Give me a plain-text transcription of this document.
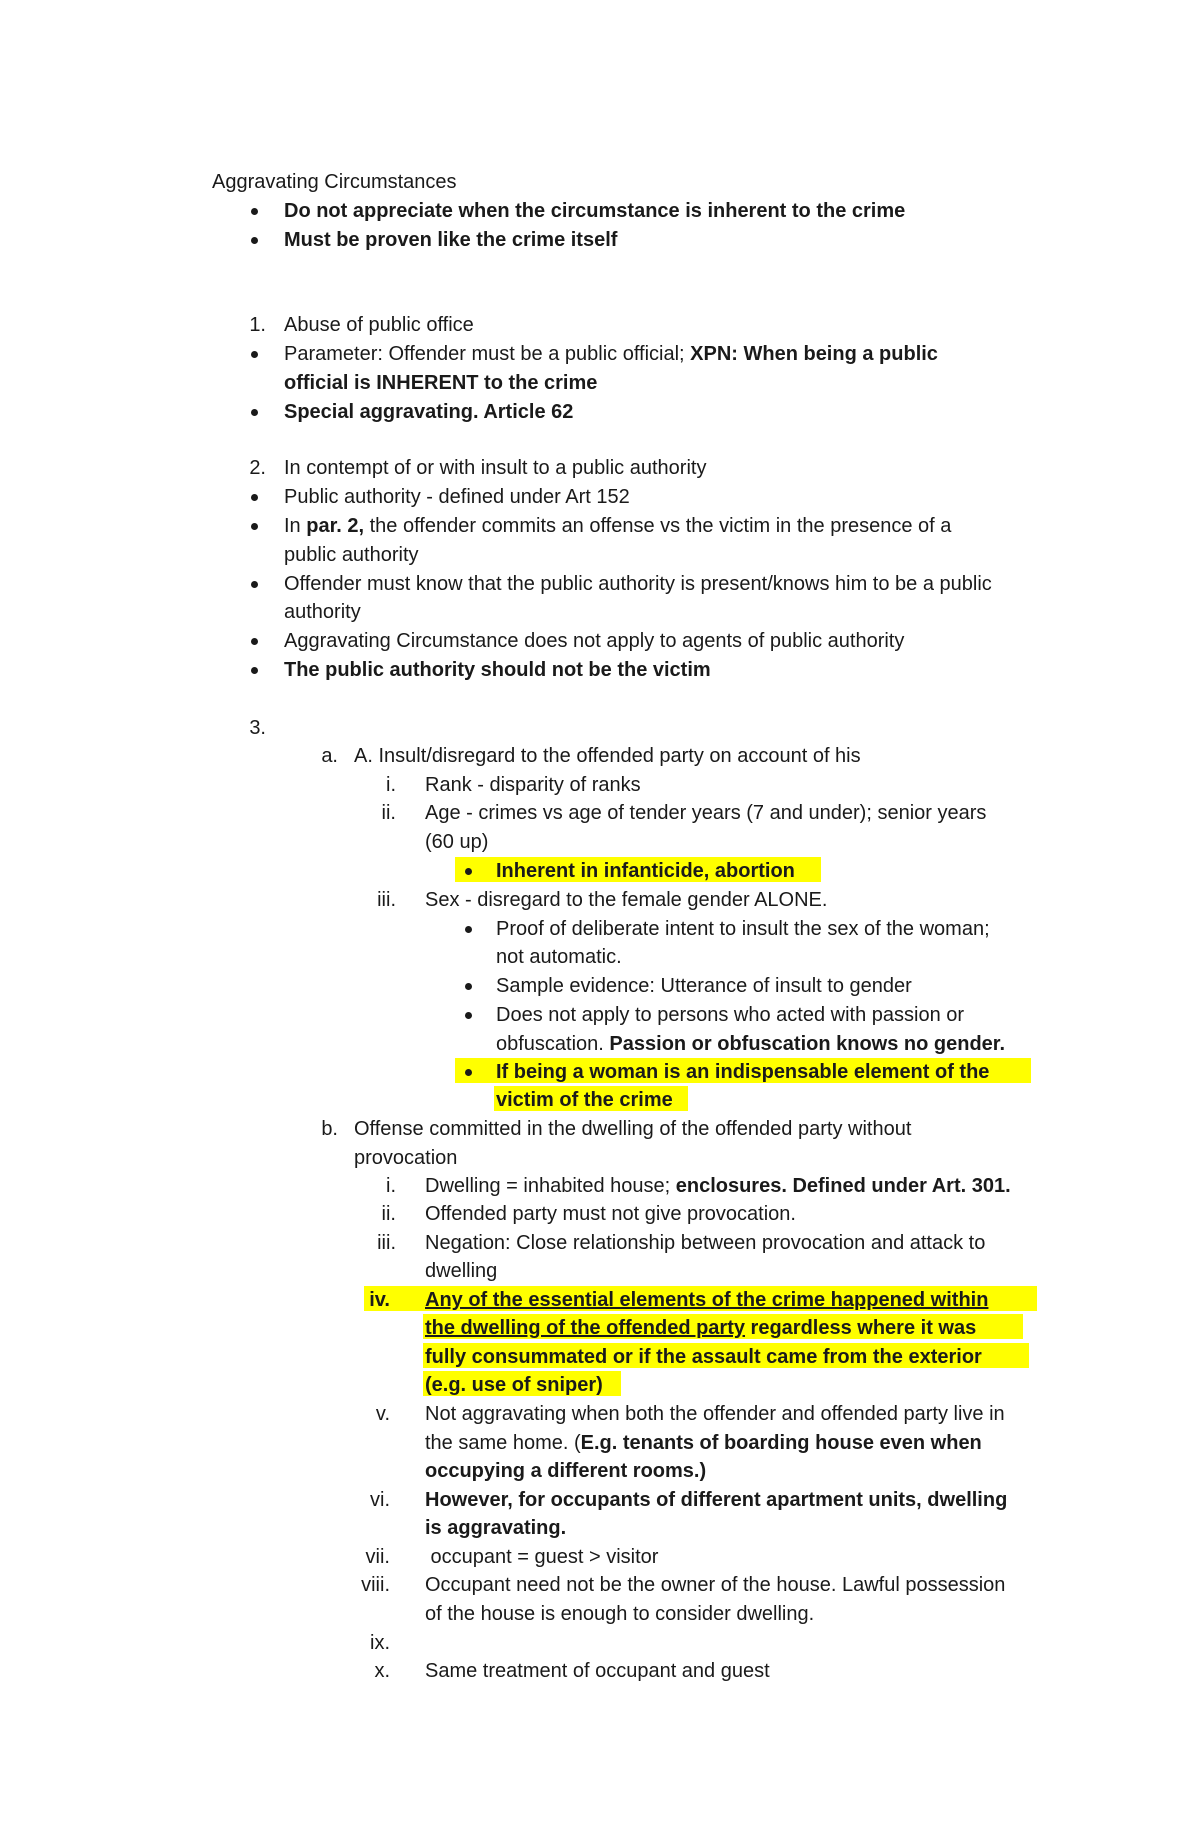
Aggravating Circumstances
Do not appreciate when the circumstance is inherent to the crime
Must be proven like the crime itself
1. Abuse of public office
Parameter: Offender must be a public official; XPN: When being a public
official is INHERENT to the crime
Special aggravating. Article 62
2. In contempt of or with insult to a public authority
Public authority - defined under Art 152
In par. 2, the offender commits an offense vs the victim in the presence of a
public authority
Offender must know that the public authority is present/knows him to be a public
authority
Aggravating Circumstance does not apply to agents of public authority
The public authority should not be the victim
3.
a. A. Insult/disregard to the offended party on account of his
i. Rank - disparity of ranks
ii. Age - crimes vs age of tender years (7 and under); senior years
(60 up)
Inherent in infanticide, abortion
iii. Sex - disregard to the female gender ALONE.
Proof of deliberate intent to insult the sex of the woman;
not automatic.
Sample evidence: Utterance of insult to gender
Does not apply to persons who acted with passion or
obfuscation. Passion or obfuscation knows no gender.
If being a woman is an indispensable element of the
victim of the crime
b. Offense committed in the dwelling of the offended party without
provocation
i. Dwelling = inhabited house; enclosures. Defined under Art. 301.
ii. Offended party must not give provocation.
iii. Negation: Close relationship between provocation and attack to
dwelling
iv. Any of the essential elements of the crime happened within
the dwelling of the offended party regardless where it was
fully consummated or if the assault came from the exterior
(e.g. use of sniper)
v. Not aggravating when both the offender and offended party live in
the same home. (E.g. tenants of boarding house even when
occupying a different rooms.)
vi. However, for occupants of different apartment units, dwelling
is aggravating.
vii. occupant = guest > visitor
viii. Occupant need not be the owner of the house. Lawful possession
of the house is enough to consider dwelling.
ix.
x. Same treatment of occupant and guest
